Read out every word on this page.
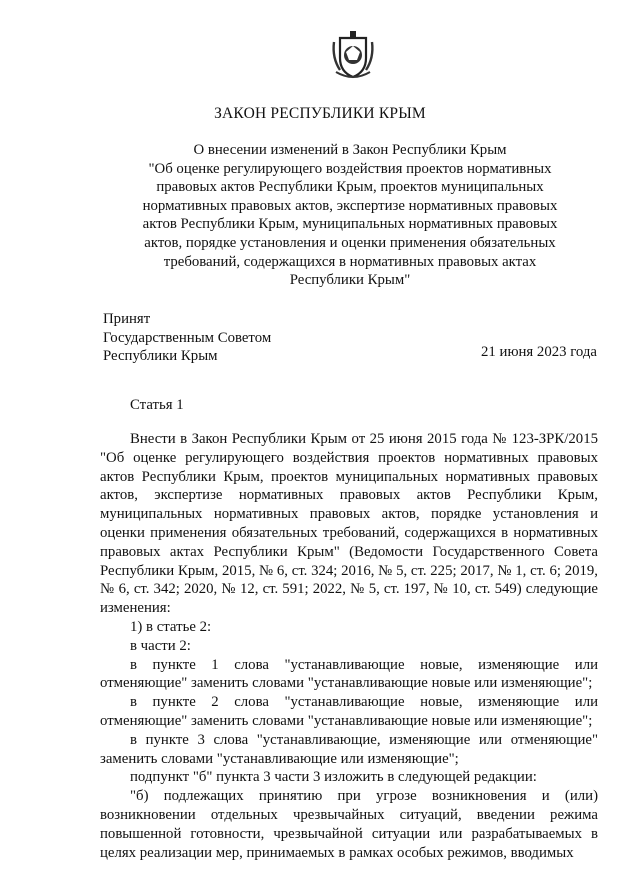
ЗАКОН РЕСПУБЛИКИ КРЫМ
О внесении изменений в Закон Республики Крым
"Об оценке регулирующего воздействия проектов нормативных
правовых актов Республики Крым, проектов муниципальных
нормативных правовых актов, экспертизе нормативных правовых
актов Республики Крым, муниципальных нормативных правовых
актов, порядке установления и оценки применения обязательных
требований, содержащихся в нормативных правовых актах
Республики Крым"
Принят
Государственным Советом
Республики Крым	21 июня 2023 года
Статья 1

Внести в Закон Республики Крым от 25 июня 2015 года № 123-ЗРК/2015 "Об оценке регулирующего воздействия проектов нормативных правовых актов Республики Крым, проектов муниципальных нормативных правовых актов, экспертизе нормативных правовых актов Республики Крым, муниципальных нормативных правовых актов, порядке установления и оценки применения обязательных требований, содержащихся в нормативных правовых актах Республики Крым" (Ведомости Государственного Совета Республики Крым, 2015, № 6, ст. 324; 2016, № 5, ст. 225; 2017, № 1, ст. 6; 2019, № 6, ст. 342; 2020, № 12, ст. 591; 2022, № 5, ст. 197, № 10, ст. 549) следующие изменения:

1) в статье 2:

в части 2:

в пункте 1 слова "устанавливающие новые, изменяющие или отменяющие" заменить словами "устанавливающие новые или изменяющие";

в пункте 2 слова "устанавливающие новые, изменяющие или отменяющие" заменить словами "устанавливающие новые или изменяющие";

в пункте 3 слова "устанавливающие, изменяющие или отменяющие" заменить словами "устанавливающие или изменяющие";

подпункт "б" пункта 3 части 3 изложить в следующей редакции:

"б) подлежащих принятию при угрозе возникновения и (или) возникновении отдельных чрезвычайных ситуаций, введении режима повышенной готовности, чрезвычайной ситуации или разрабатываемых в целях реализации мер, принимаемых в рамках особых режимов, вводимых
